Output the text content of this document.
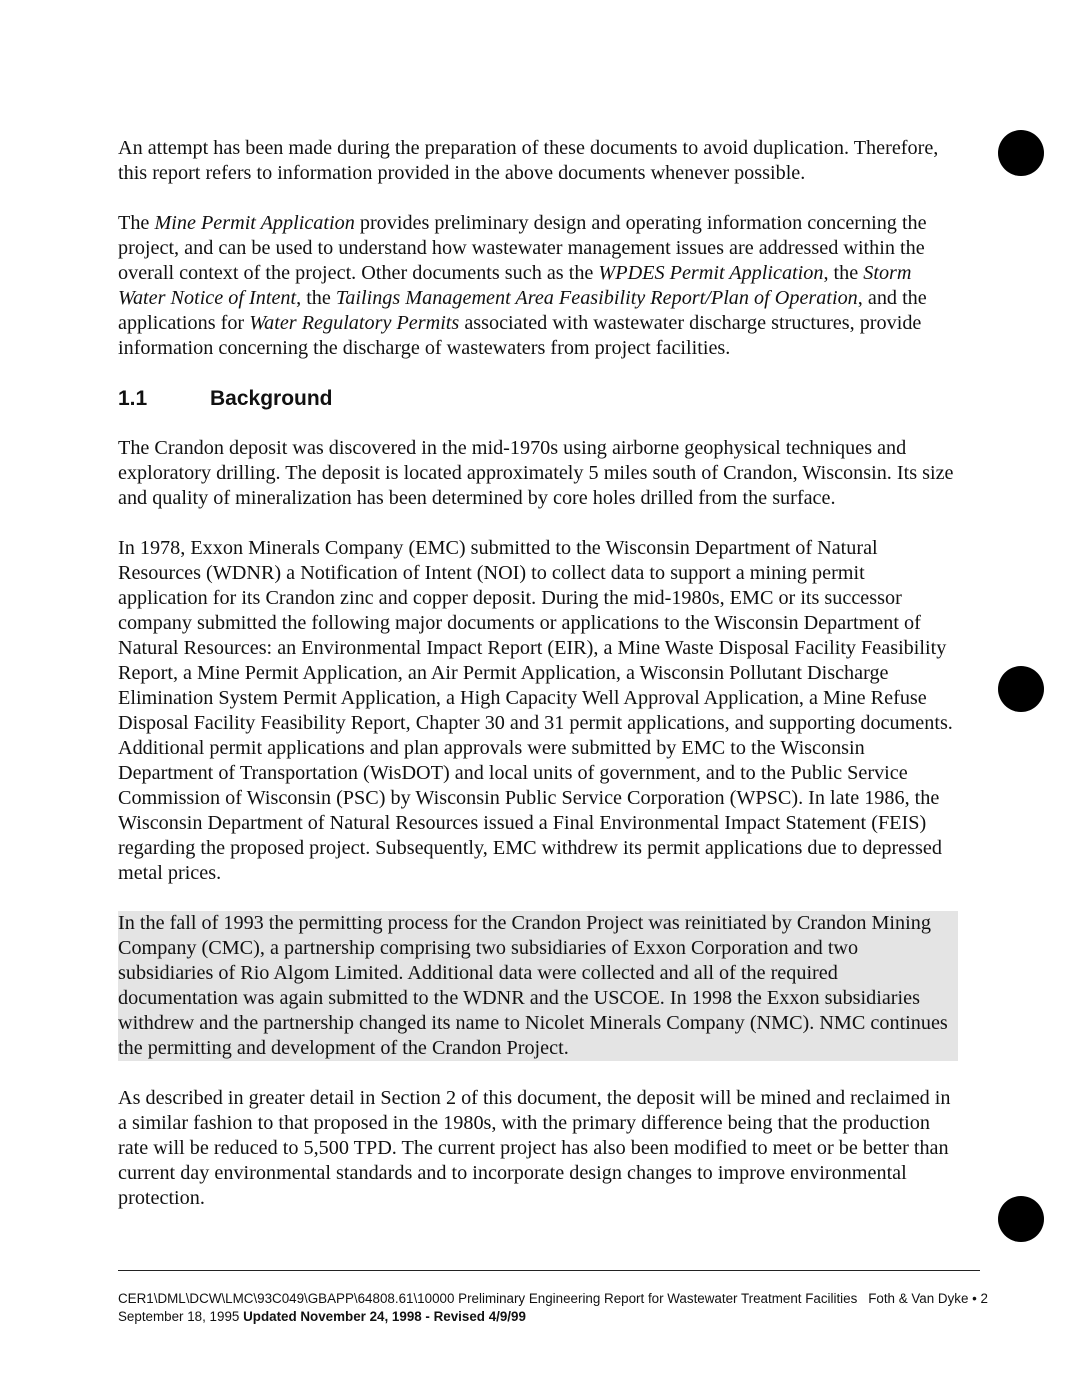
An attempt has been made during the preparation of these documents to avoid duplication. Therefore, this report refers to information provided in the above documents whenever possible.

The Mine Permit Application provides preliminary design and operating information concerning the project, and can be used to understand how wastewater management issues are addressed within the overall context of the project. Other documents such as the WPDES Permit Application, the Storm Water Notice of Intent, the Tailings Management Area Feasibility Report/Plan of Operation, and the applications for Water Regulatory Permits associated with wastewater discharge structures, provide information concerning the discharge of wastewaters from project facilities.

1.1	Background

The Crandon deposit was discovered in the mid-1970s using airborne geophysical techniques and exploratory drilling. The deposit is located approximately 5 miles south of Crandon, Wisconsin. Its size and quality of mineralization has been determined by core holes drilled from the surface.

In 1978, Exxon Minerals Company (EMC) submitted to the Wisconsin Department of Natural Resources (WDNR) a Notification of Intent (NOI) to collect data to support a mining permit application for its Crandon zinc and copper deposit. During the mid-1980s, EMC or its successor company submitted the following major documents or applications to the Wisconsin Department of Natural Resources: an Environmental Impact Report (EIR), a Mine Waste Disposal Facility Feasibility Report, a Mine Permit Application, an Air Permit Application, a Wisconsin Pollutant Discharge Elimination System Permit Application, a High Capacity Well Approval Application, a Mine Refuse Disposal Facility Feasibility Report, Chapter 30 and 31 permit applications, and supporting documents. Additional permit applications and plan approvals were submitted by EMC to the Wisconsin Department of Transportation (WisDOT) and local units of government, and to the Public Service Commission of Wisconsin (PSC) by Wisconsin Public Service Corporation (WPSC). In late 1986, the Wisconsin Department of Natural Resources issued a Final Environmental Impact Statement (FEIS) regarding the proposed project. Subsequently, EMC withdrew its permit applications due to depressed metal prices.

In the fall of 1993 the permitting process for the Crandon Project was reinitiated by Crandon Mining Company (CMC), a partnership comprising two subsidiaries of Exxon Corporation and two subsidiaries of Rio Algom Limited. Additional data were collected and all of the required documentation was again submitted to the WDNR and the USCOE. In 1998 the Exxon subsidiaries withdrew and the partnership changed its name to Nicolet Minerals Company (NMC). NMC continues the permitting and development of the Crandon Project.

As described in greater detail in Section 2 of this document, the deposit will be mined and reclaimed in a similar fashion to that proposed in the 1980s, with the primary difference being that the production rate will be reduced to 5,500 TPD. The current project has also been modified to meet or be better than current day environmental standards and to incorporate design changes to improve environmental protection.

CER1\DML\DCW\LMC\93C049\GBAPP\64808.61\10000 Preliminary Engineering Report for Wastewater Treatment Facilities Foth & Van Dyke • 2
September 18, 1995 Updated November 24, 1998 - Revised 4/9/99
